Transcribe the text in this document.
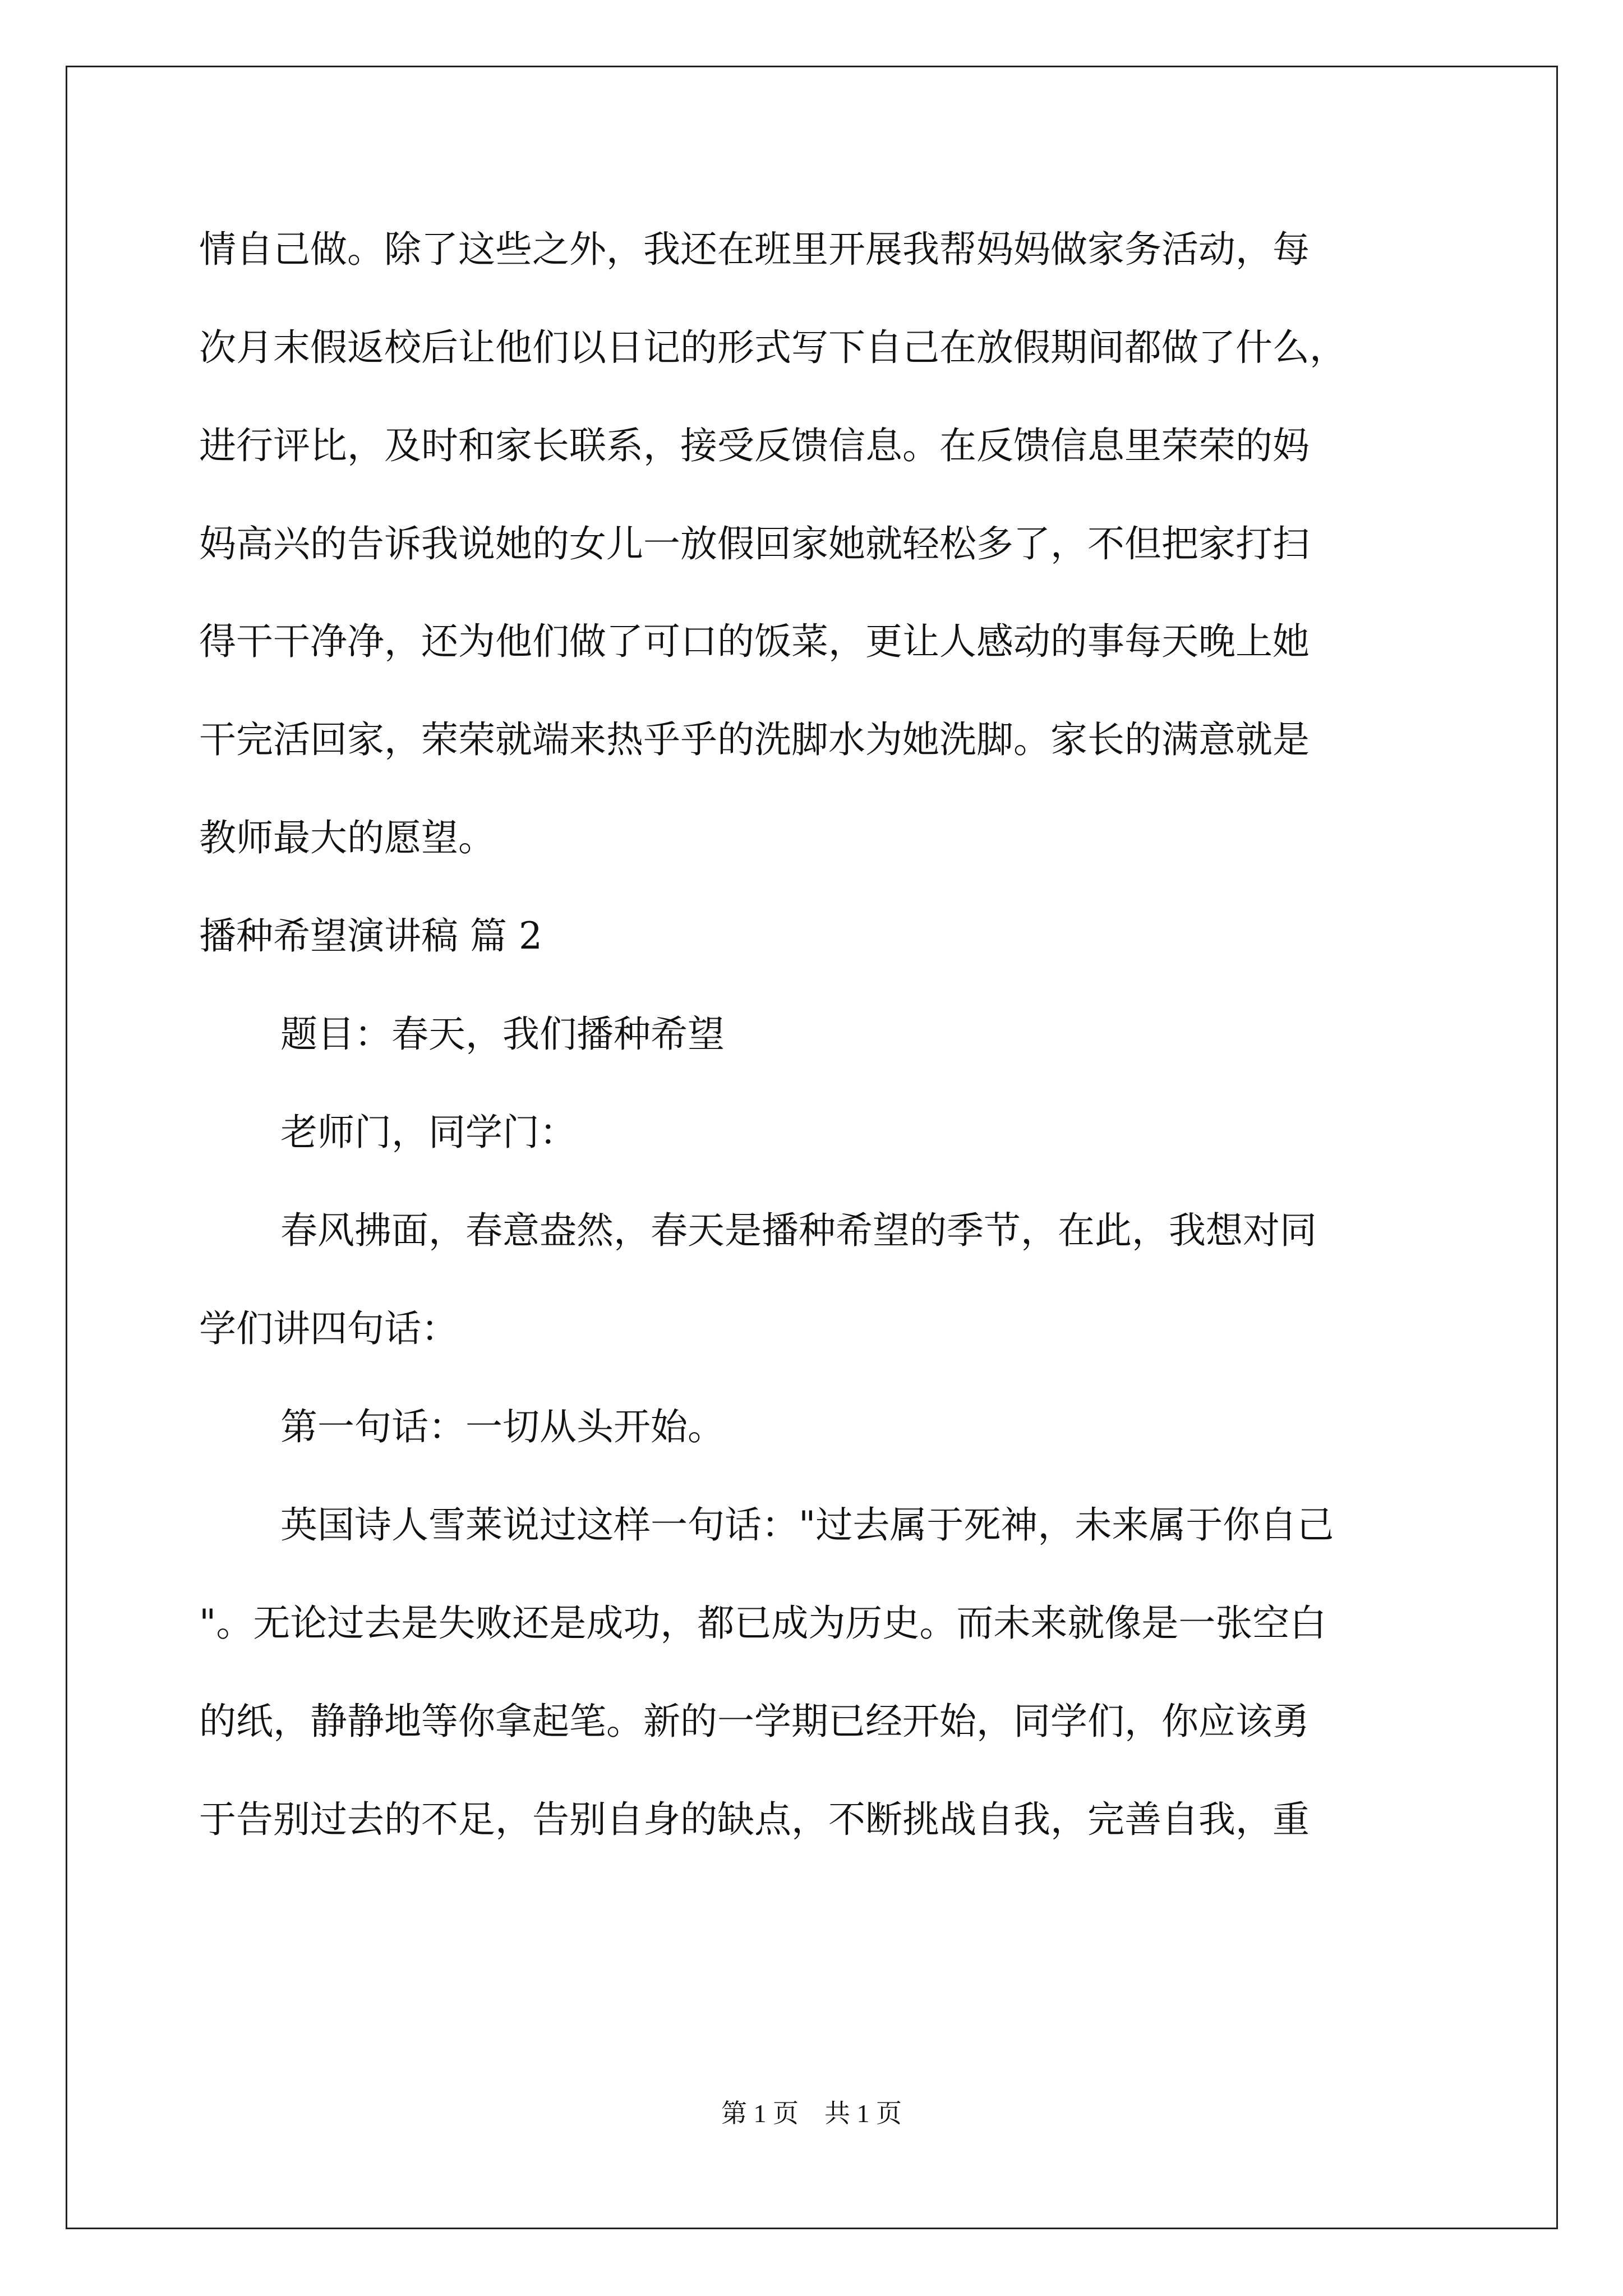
情自己做。除了这些之外，我还在班里开展我帮妈妈做家务活动，每
次月末假返校后让他们以日记的形式写下自己在放假期间都做了什么，
进行评比，及时和家长联系，接受反馈信息。在反馈信息里荣荣的妈
妈高兴的告诉我说她的女儿一放假回家她就轻松多了，不但把家打扫
得干干净净，还为他们做了可口的饭菜，更让人感动的事每天晚上她
干完活回家，荣荣就端来热乎乎的洗脚水为她洗脚。家长的满意就是
教师最大的愿望。
播种希望演讲稿 篇 2
题目：春天，我们播种希望
老师门，同学门：
春风拂面，春意盎然，春天是播种希望的季节，在此，我想对同
学们讲四句话：
第一句话：一切从头开始。
英国诗人雪莱说过这样一句话："过去属于死神，未来属于你自己
"。无论过去是失败还是成功，都已成为历史。而未来就像是一张空白
的纸，静静地等你拿起笔。新的一学期已经开始，同学们，你应该勇
于告别过去的不足，告别自身的缺点，不断挑战自我，完善自我，重
第 1 页　共 1 页
